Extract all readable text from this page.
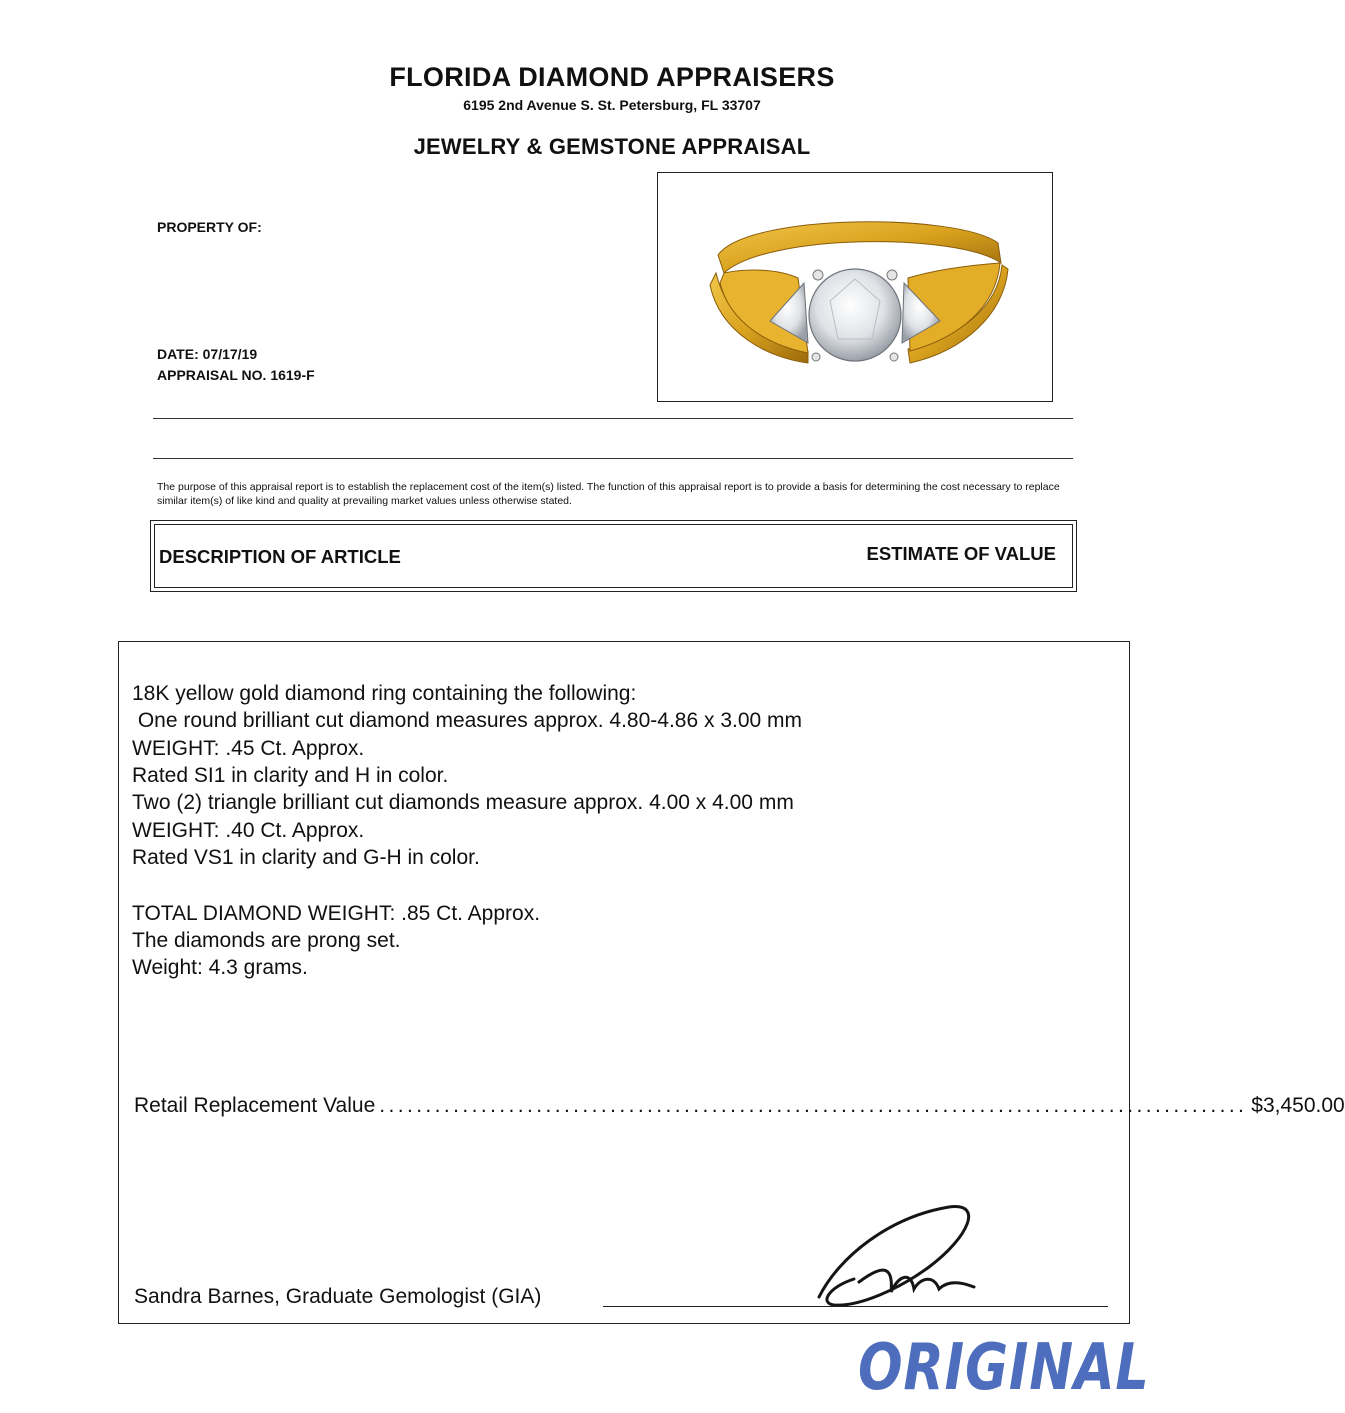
FLORIDA DIAMOND APPRAISERS
6195 2nd Avenue S. St. Petersburg, FL 33707
JEWELRY & GEMSTONE APPRAISAL
PROPERTY OF:
DATE: 07/17/19
APPRAISAL NO. 1619-F
The purpose of this appraisal report is to establish the replacement cost of the item(s) listed. The function of this appraisal report is to provide a basis for determining the cost necessary to replace similar item(s) of like kind and quality at prevailing market values unless otherwise stated.
DESCRIPTION OF ARTICLE	ESTIMATE OF VALUE
18K yellow gold diamond ring containing the following:
One round brilliant cut diamond measures approx. 4.80-4.86 x 3.00 mm
WEIGHT: .45 Ct. Approx.
Rated SI1 in clarity and H in color.
Two (2) triangle brilliant cut diamonds measure approx. 4.00 x 4.00 mm
WEIGHT: .40 Ct. Approx.
Rated VS1 in clarity and G-H in color.
TOTAL DIAMOND WEIGHT: .85 Ct. Approx.
The diamonds are prong set.
Weight: 4.3 grams.
Retail Replacement Value .............................................................................................. $3,450.00
Sandra Barnes, Graduate Gemologist (GIA)
ORIGINAL
